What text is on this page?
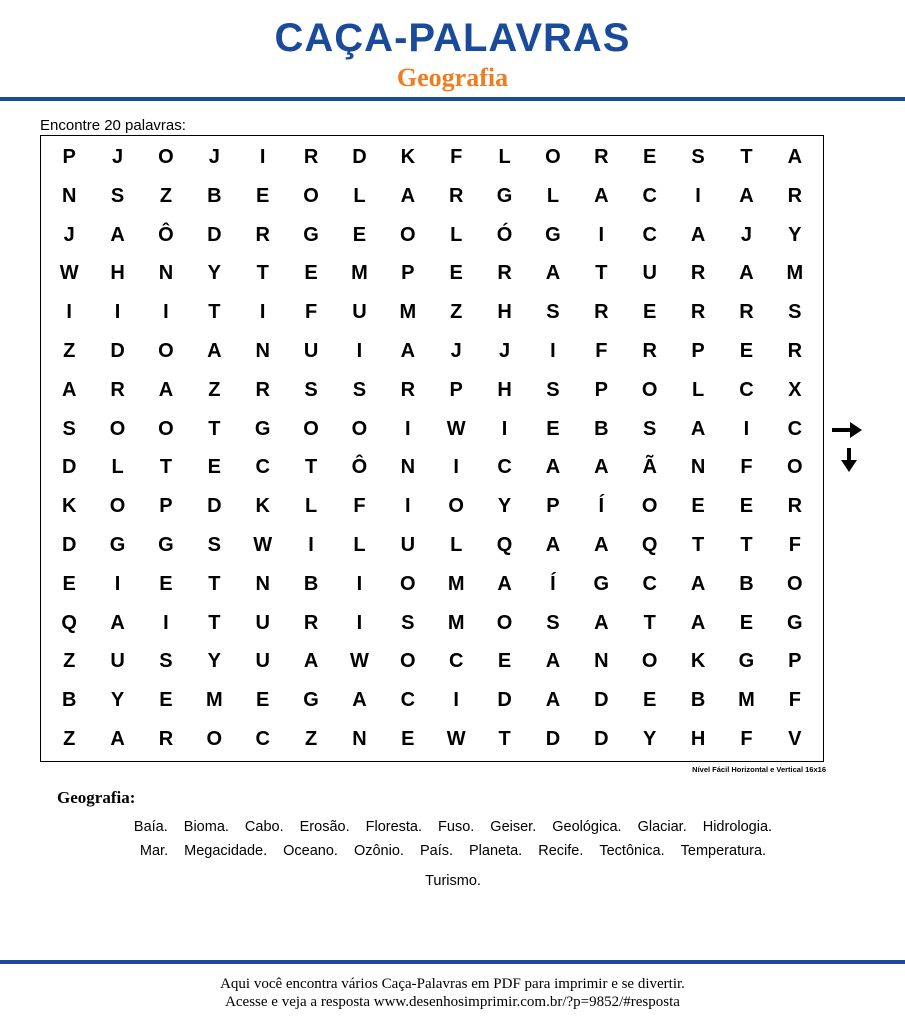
CAÇA-PALAVRAS
Geografia
Encontre 20 palavras:
P	J	O	J	I	R	D	K	F	L	O	R	E	S	T	A
N	S	Z	B	E	O	L	A	R	G	L	A	C	I	A	R
J	A	Ô	D	R	G	E	O	L	Ó	G	I	C	A	J	Y
W	H	N	Y	T	E	M	P	E	R	A	T	U	R	A	M
I	I	I	T	I	F	U	M	Z	H	S	R	E	R	R	S
Z	D	O	A	N	U	I	A	J	J	I	F	R	P	E	R
A	R	A	Z	R	S	S	R	P	H	S	P	O	L	C	X
S	O	O	T	G	O	O	I	W	I	E	B	S	A	I	C
D	L	T	E	C	T	Ô	N	I	C	A	A	Ã	N	F	O
K	O	P	D	K	L	F	I	O	Y	P	Í	O	E	E	R
D	G	G	S	W	I	L	U	L	Q	A	A	Q	T	T	F
E	I	E	T	N	B	I	O	M	A	Í	G	C	A	B	O
Q	A	I	T	U	R	I	S	M	O	S	A	T	A	E	G
Z	U	S	Y	U	A	W	O	C	E	A	N	O	K	G	P
B	Y	E	M	E	G	A	C	I	D	A	D	E	B	M	F
Z	A	R	O	C	Z	N	E	W	T	D	D	Y	H	F	V
Nível Fácil Horizontal e Vertical 16x16
Geografia:
Baía. Bioma. Cabo. Erosão. Floresta. Fuso. Geiser. Geológica. Glaciar. Hidrologia.
Mar. Megacidade. Oceano. Ozônio. País. Planeta. Recife. Tectônica. Temperatura.
Turismo.
Aqui você encontra vários Caça-Palavras em PDF para imprimir e se divertir.
Acesse e veja a resposta www.desenhosimprimir.com.br/?p=9852/#resposta
